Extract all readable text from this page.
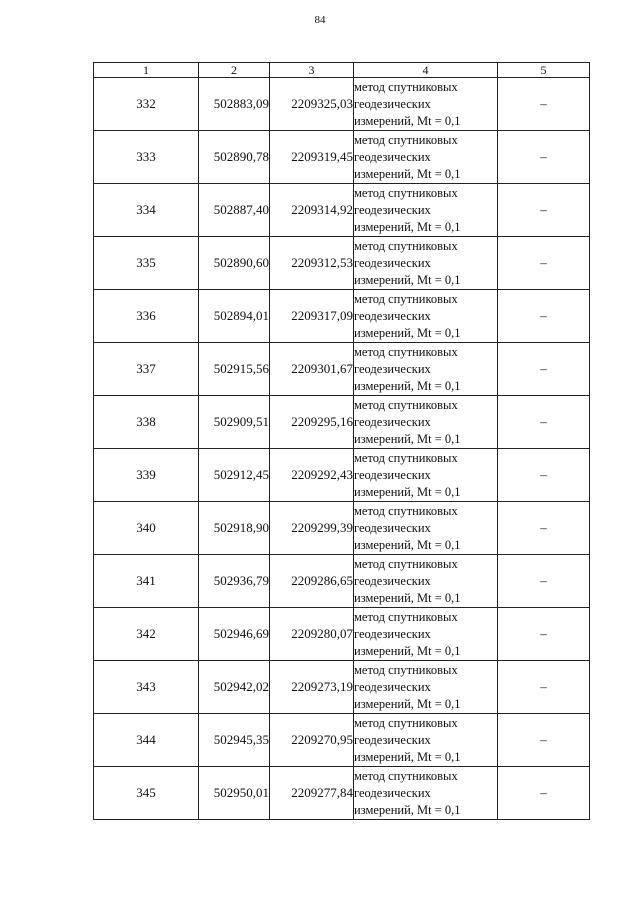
84
1	2	3	4	5
332	502883,09	2209325,03	метод спутниковых
геодезических
измерений, Mt = 0,1	–
333	502890,78	2209319,45	метод спутниковых
геодезических
измерений, Mt = 0,1	–
334	502887,40	2209314,92	метод спутниковых
геодезических
измерений, Mt = 0,1	–
335	502890,60	2209312,53	метод спутниковых
геодезических
измерений, Mt = 0,1	–
336	502894,01	2209317,09	метод спутниковых
геодезических
измерений, Mt = 0,1	–
337	502915,56	2209301,67	метод спутниковых
геодезических
измерений, Mt = 0,1	–
338	502909,51	2209295,16	метод спутниковых
геодезических
измерений, Mt = 0,1	–
339	502912,45	2209292,43	метод спутниковых
геодезических
измерений, Mt = 0,1	–
340	502918,90	2209299,39	метод спутниковых
геодезических
измерений, Mt = 0,1	–
341	502936,79	2209286,65	метод спутниковых
геодезических
измерений, Mt = 0,1	–
342	502946,69	2209280,07	метод спутниковых
геодезических
измерений, Mt = 0,1	–
343	502942,02	2209273,19	метод спутниковых
геодезических
измерений, Mt = 0,1	–
344	502945,35	2209270,95	метод спутниковых
геодезических
измерений, Mt = 0,1	–
345	502950,01	2209277,84	метод спутниковых
геодезических
измерений, Mt = 0,1	–
